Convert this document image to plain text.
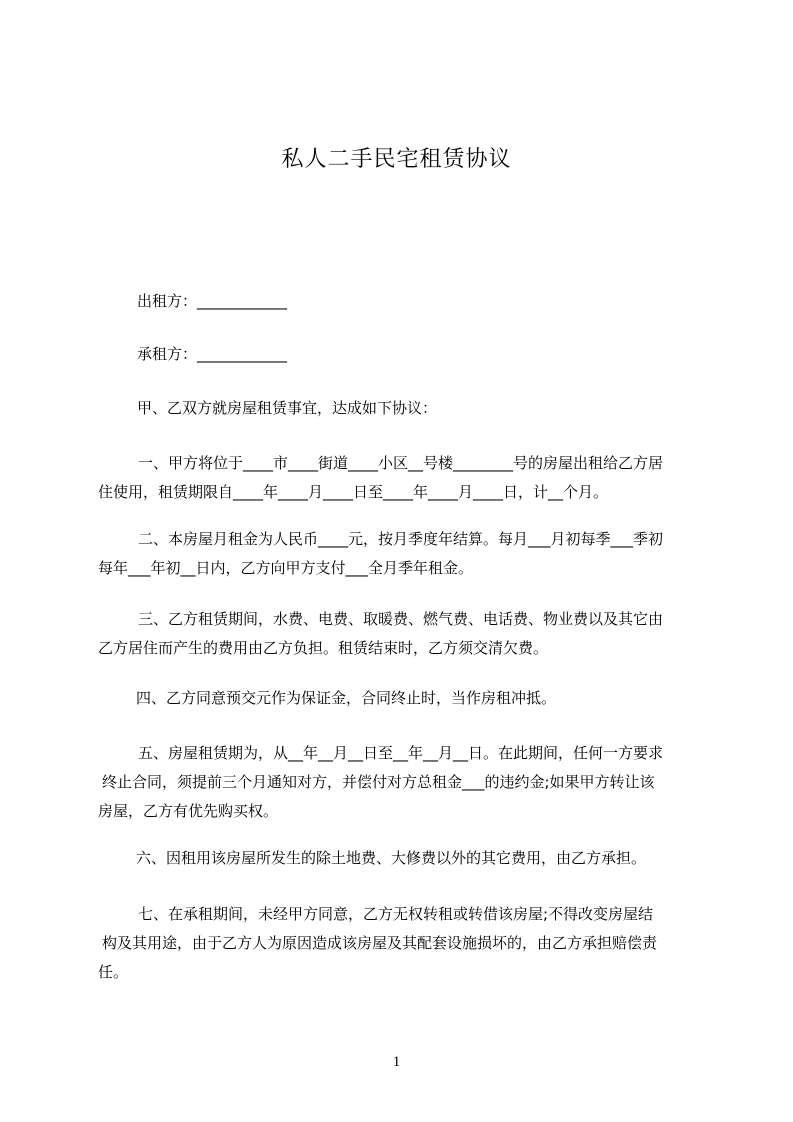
私人二手民宅租赁协议
出租方：____________
承租方：____________
甲、乙双方就房屋租赁事宜，达成如下协议：
一、甲方将位于____市____街道____小区__号楼________号的房屋出租给乙方居
住使用，租赁期限自____年____月____日至____年____月____日，计__个月。
二、本房屋月租金为人民币____元，按月季度年结算。每月___月初每季___季初
每年___年初__日内，乙方向甲方支付___全月季年租金。
三、乙方租赁期间，水费、电费、取暖费、燃气费、电话费、物业费以及其它由
乙方居住而产生的费用由乙方负担。租赁结束时，乙方须交清欠费。
四、乙方同意预交元作为保证金，合同终止时，当作房租冲抵。
五、房屋租赁期为，从__年__月__日至__年__月__日。在此期间，任何一方要求
终止合同，须提前三个月通知对方，并偿付对方总租金___的违约金;如果甲方转让该
房屋，乙方有优先购买权。
六、因租用该房屋所发生的除土地费、大修费以外的其它费用，由乙方承担。
七、在承租期间，未经甲方同意，乙方无权转租或转借该房屋;不得改变房屋结
构及其用途，由于乙方人为原因造成该房屋及其配套设施损坏的，由乙方承担赔偿责
任。
1
